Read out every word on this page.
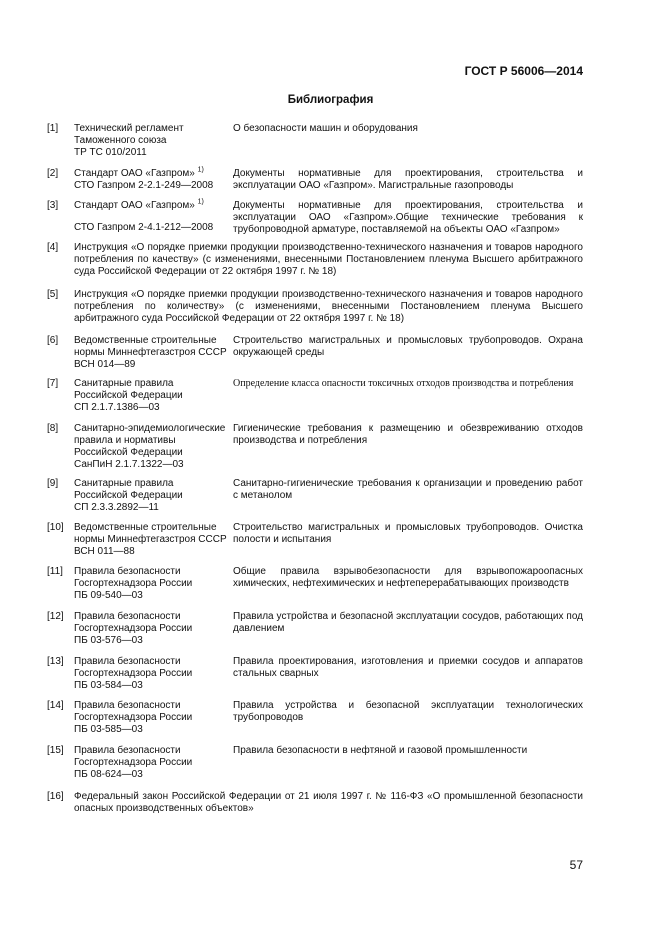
ГОСТ Р 56006—2014
Библиография
[1] Технический регламент
Таможенного союза
ТР ТС 010/2011
О безопасности машин и оборудования
[2] Стандарт ОАО «Газпром» $^{1)}$
СТО Газпром 2-2.1-249—2008
Документы нормативные для проектирования, строительства и
эксплуатации ОАО «Газпром». Магистральные газопроводы
[3] Стандарт ОАО «Газпром» $^{1)}$
СТО Газпром 2-4.1-212—2008
Документы нормативные для проектирования, строительства и
эксплуатации ОАО «Газпром».Общие технические требования к
трубопроводной арматуре, поставляемой на объекты ОАО «Газпром»
[4] Инструкция «О порядке приемки продукции производственно-технического назначения и товаров народного потребления по качеству» (с изменениями, внесенными Постановлением пленума Высшего арбитражного суда Российской Федерации от 22 октября 1997 г. № 18)
[5] Инструкция «О порядке приемки продукции производственно-технического назначения и товаров народного потребления по количеству» (с изменениями, внесенными Постановлением пленума Высшего арбитражного суда Российской Федерации от 22 октября 1997 г. № 18)
[6] Ведомственные строительные
нормы Миннефтегазстроя СССР
ВСН 014—89
Строительство магистральных и промысловых трубопроводов. Охрана окружающей среды
[7] Санитарные правила
Российской Федерации
СП 2.1.7.1386—03
Определение класса опасности токсичных отходов производства и потребления
[8] Санитарно-эпидемиологические
правила и нормативы
Российской Федерации
СанПиН 2.1.7.1322—03
Гигиенические требования к размещению и обезвреживанию отходов производства и потребления
[9] Санитарные правила
Российской Федерации
СП 2.3.3.2892—11
Санитарно-гигиенические требования к организации и проведению работ с метанолом
[10] Ведомственные строительные
нормы Миннефтегазстроя СССР
ВСН 011—88
Строительство магистральных и промысловых трубопроводов. Очистка полости и испытания
[11] Правила безопасности
Госгортехнадзора России
ПБ 09-540—03
Общие правила взрывобезопасности для взрывопожароопасных химических, нефтехимических и нефтеперерабатывающих производств
[12] Правила безопасности
Госгортехнадзора России
ПБ 03-576—03
Правила устройства и безопасной эксплуатации сосудов, работающих под давлением
[13] Правила безопасности
Госгортехнадзора России
ПБ 03-584—03
Правила проектирования, изготовления и приемки сосудов и аппаратов стальных сварных
[14] Правила безопасности
Госгортехнадзора России
ПБ 03-585—03
Правила устройства и безопасной эксплуатации технологических трубопроводов
[15] Правила безопасности
Госгортехнадзора России
ПБ 08-624—03
Правила безопасности в нефтяной и газовой промышленности
[16] Федеральный закон Российской Федерации от 21 июля 1997 г. № 116-ФЗ «О промышленной безопасности опасных производственных объектов»
57
